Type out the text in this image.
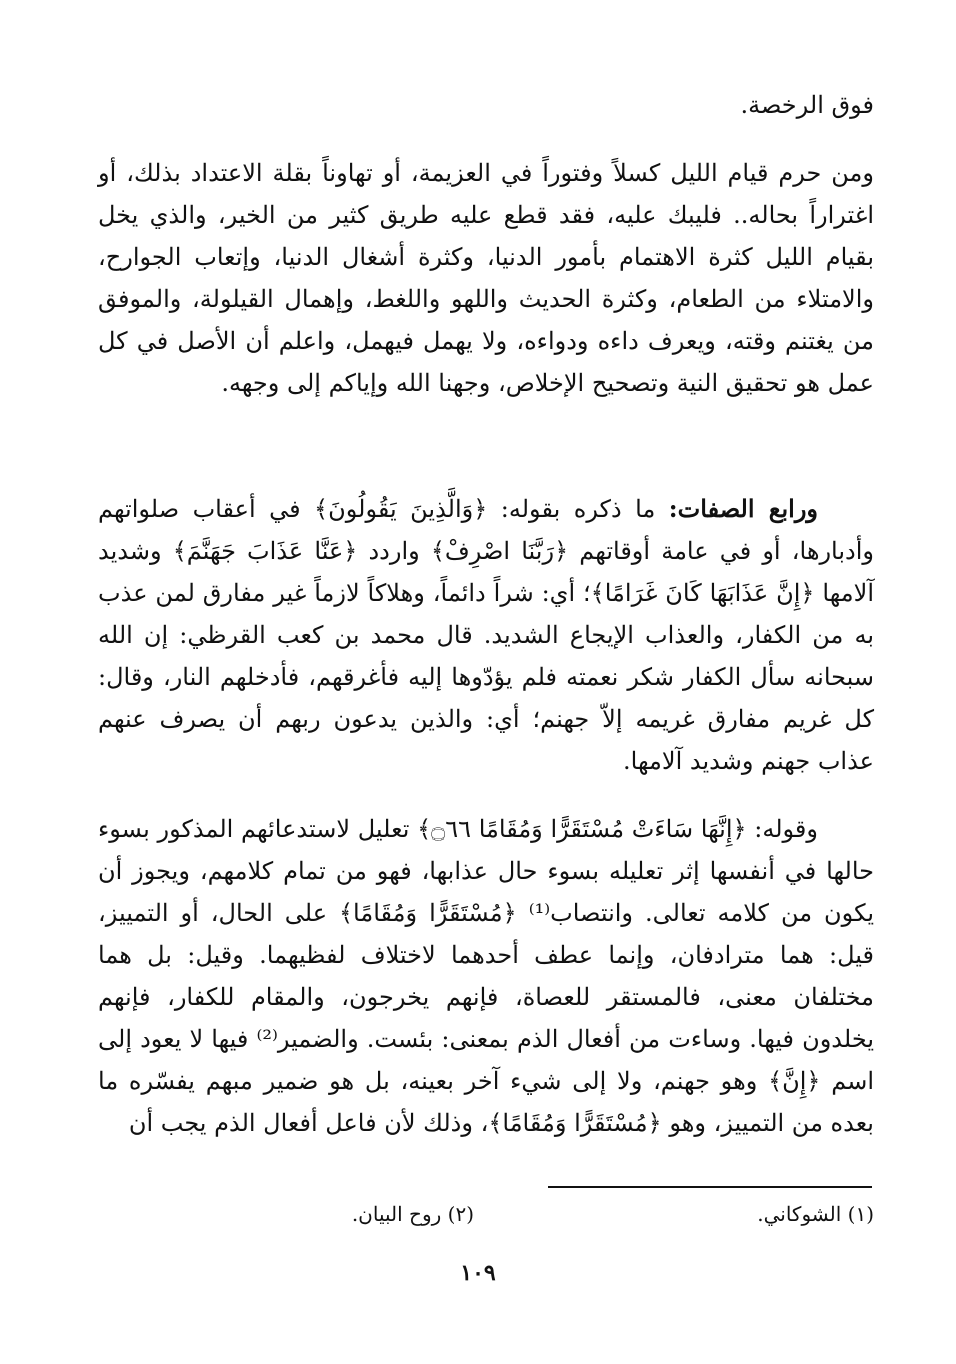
فوق الرخصة.

ومن حرم قيام الليل كسلاً وفتوراً في العزيمة، أو تهاوناً بقلة الاعتداد بذلك، أو اغتراراً بحاله.. فليبك عليه، فقد قطع عليه طريق كثير من الخير، والذي يخل بقيام الليل كثرة الاهتمام بأمور الدنيا، وكثرة أشغال الدنيا، وإتعاب الجوارح، والامتلاء من الطعام، وكثرة الحديث واللهو واللغط، وإهمال القيلولة، والموفق من يغتنم وقته، ويعرف داءه ودواءه، ولا يهمل فيهمل، واعلم أن الأصل في كل عمل هو تحقيق النية وتصحيح الإخلاص، وجهنا الله وإياكم إلى وجهه.

ورابع الصفات: ما ذكره بقوله: ﴿وَالَّذِينَ يَقُولُونَ﴾ في أعقاب صلواتهم وأدبارها، أو في عامة أوقاتهم ﴿رَبَّنَا اصْرِفْ﴾ واردد ﴿عَنَّا عَذَابَ جَهَنَّمَ﴾ وشديد آلامها ﴿إِنَّ عَذَابَهَا كَانَ غَرَامًا﴾؛ أي: شراً دائماً، وهلاكاً لازماً غير مفارق لمن عذب به من الكفار، والعذاب الإيجاع الشديد. قال محمد بن كعب القرظي: إن الله سبحانه سأل الكفار شكر نعمته فلم يؤدّوها إليه فأغرقهم، فأدخلهم النار، وقال: كل غريم مفارق غريمه إلاّ جهنم؛ أي: والذين يدعون ربهم أن يصرف عنهم عذاب جهنم وشديد آلامها.
وقوله: ﴿إِنَّهَا سَاءَتْ مُسْتَقَرًّا وَمُقَامًا ۝٦٦﴾ تعليل لاستدعائهم المذكور بسوء حالها في أنفسها إثر تعليله بسوء حال عذابها، فهو من تمام كلامهم، ويجوز أن يكون من كلامه تعالى. وانتصاب⁽¹⁾ ﴿مُسْتَقَرًّا وَمُقَامًا﴾ على الحال، أو التمييز، قيل: هما مترادفان، وإنما عطف أحدهما لاختلاف لفظيهما. وقيل: بل هما مختلفان معنى، فالمستقر للعصاة، فإنهم يخرجون، والمقام للكفار، فإنهم يخلدون فيها. وساءت من أفعال الذم بمعنى: بئست. والضمير⁽²⁾ فيها لا يعود إلى اسم ﴿إِنَّ﴾ وهو جهنم، ولا إلى شيء آخر بعينه، بل هو ضمير مبهم يفسّره ما بعده من التمييز، وهو ﴿مُسْتَقَرًّا وَمُقَامًا﴾، وذلك لأن فاعل أفعال الذم يجب أن
(١) الشوكاني.
(٢) روح البيان.
١٠٩
